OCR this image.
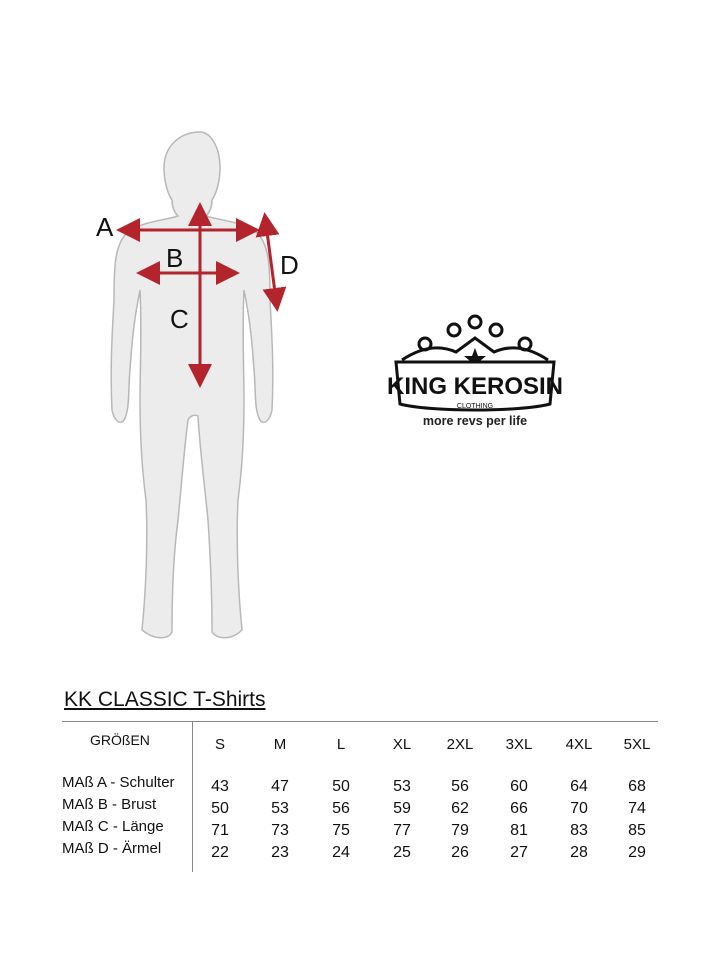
A
B
C
D
KING KEROSIN
CLOTHING
more revs per life
KK CLASSIC T-Shirts
GRÖßEN	S	M	L	XL	2XL	3XL	4XL	5XL
MAß A - Schulter	43	47	50	53	56	60	64	68
MAß B - Brust	50	53	56	59	62	66	70	74
MAß C - Länge	71	73	75	77	79	81	83	85
MAß D - Ärmel	22	23	24	25	26	27	28	29
